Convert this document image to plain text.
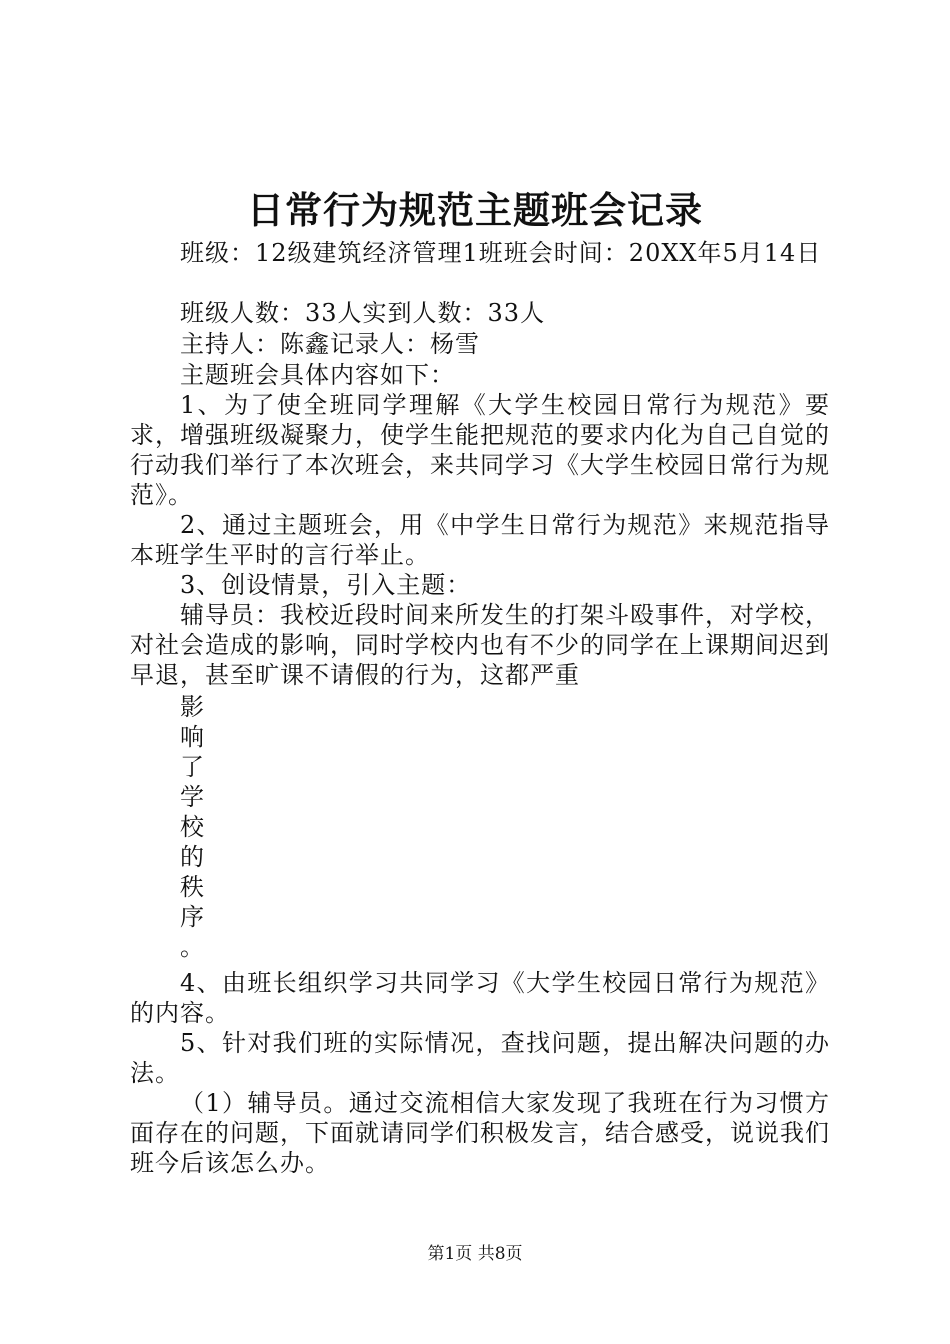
日常行为规范主题班会记录
班级：12级建筑经济管理1班班会时间：20XX年5月14日
班级人数：33人实到人数：33人
主持人：陈鑫记录人：杨雪
主题班会具体内容如下：

1、为了使全班同学理解《大学生校园日常行为规范》要求，增强班级凝聚力，使学生能把规范的要求内化为自己自觉的行动我们举行了本次班会，来共同学习《大学生校园日常行为规范》。

2、通过主题班会，用《中学生日常行为规范》来规范指导本班学生平时的言行举止。

3、创设情景，引入主题：

辅导员：我校近段时间来所发生的打架斗殴事件，对学校，对社会造成的影响，同时学校内也有不少的同学在上课期间迟到早退，甚至旷课不请假的行为，这都严重

影
响
了
学
校
的
秩
序
。

4、由班长组织学习共同学习《大学生校园日常行为规范》的内容。

5、针对我们班的实际情况，查找问题，提出解决问题的办法。

（1）辅导员。通过交流相信大家发现了我班在行为习惯方面存在的问题，下面就请同学们积极发言，结合感受，说说我们班今后该怎么办。

第1页 共8页
